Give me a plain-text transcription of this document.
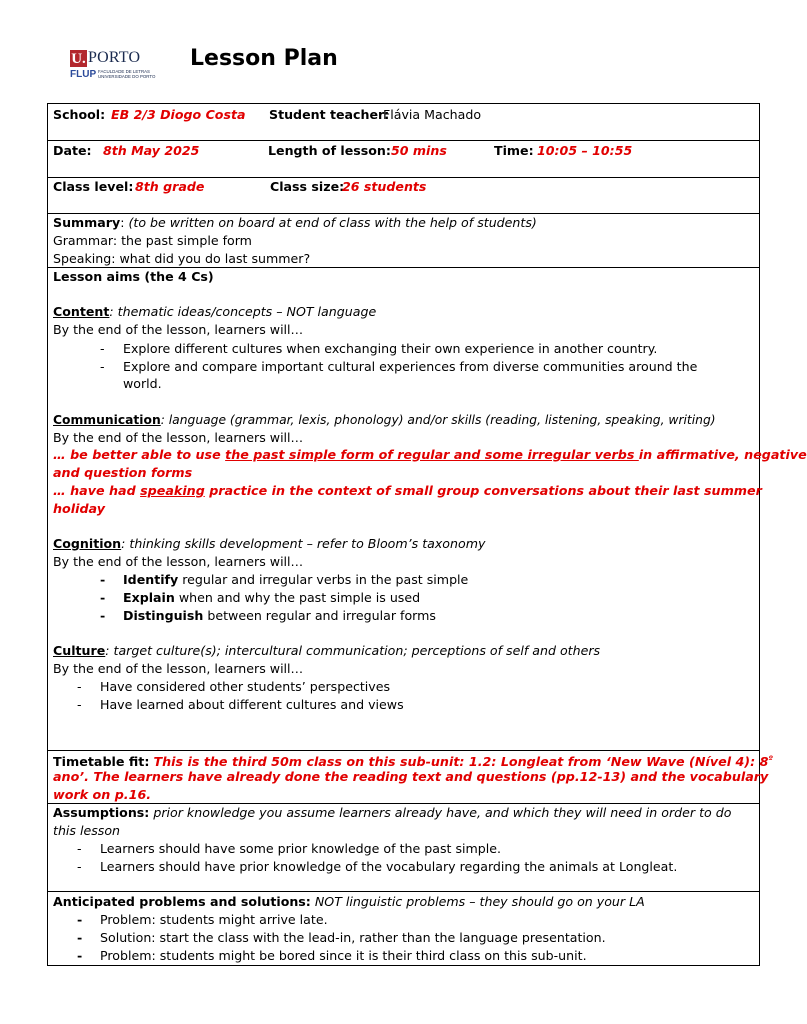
U. PORTO
FLUP FACULDADE DE LETRAS
UNIVERSIDADE DO PORTO
Lesson Plan
School: EB 2/3 Diogo Costa Student teacher:
Flávia Machado
Date: 8th May 2025	Length of lesson: 50 mins	Time: 10:05 – 10:55
Class level: 8th grade	Class size:
26 students
Summary: (to be written on board at end of class with the help of students)
Grammar: the past simple form
Speaking: what did you do last summer?
Lesson aims (the 4 Cs)
Content: thematic ideas/concepts – NOT language
By the end of the lesson, learners will…
- Explore different cultures when exchanging their own experience in another country.
- Explore and compare important cultural experiences from diverse communities around the
world.
Communication: language (grammar, lexis, phonology) and/or skills (reading, listening, speaking, writing)
By the end of the lesson, learners will…
… be better able to use the past simple form of regular and some irregular verbs in affirmative, negative
and question forms
… have had speaking practice in the context of small group conversations about their last summer
holiday
Cognition: thinking skills development – refer to Bloom’s taxonomy
By the end of the lesson, learners will…
- Identify regular and irregular verbs in the past simple
- Explain when and why the past simple is used
- Distinguish between regular and irregular forms
Culture: target culture(s); intercultural communication; perceptions of self and others
By the end of the lesson, learners will…
- Have considered other students’ perspectives
- Have learned about different cultures and views
Timetable fit: This is the third 50m class on this sub-unit: 1.2: Longleat from ‘New Wave (Nível 4): $8^º$
ano’. The learners have already done the reading text and questions (pp.12-13) and the vocabulary
work on p.16.
Assumptions: prior knowledge you assume learners already have, and which they will need in order to do
this lesson
- Learners should have some prior knowledge of the past simple.
- Learners should have prior knowledge of the vocabulary regarding the animals at Longleat.
Anticipated problems and solutions: NOT linguistic problems – they should go on your LA
- Problem: students might arrive late.
- Solution: start the class with the lead-in, rather than the language presentation.
- Problem: students might be bored since it is their third class on this sub-unit.
